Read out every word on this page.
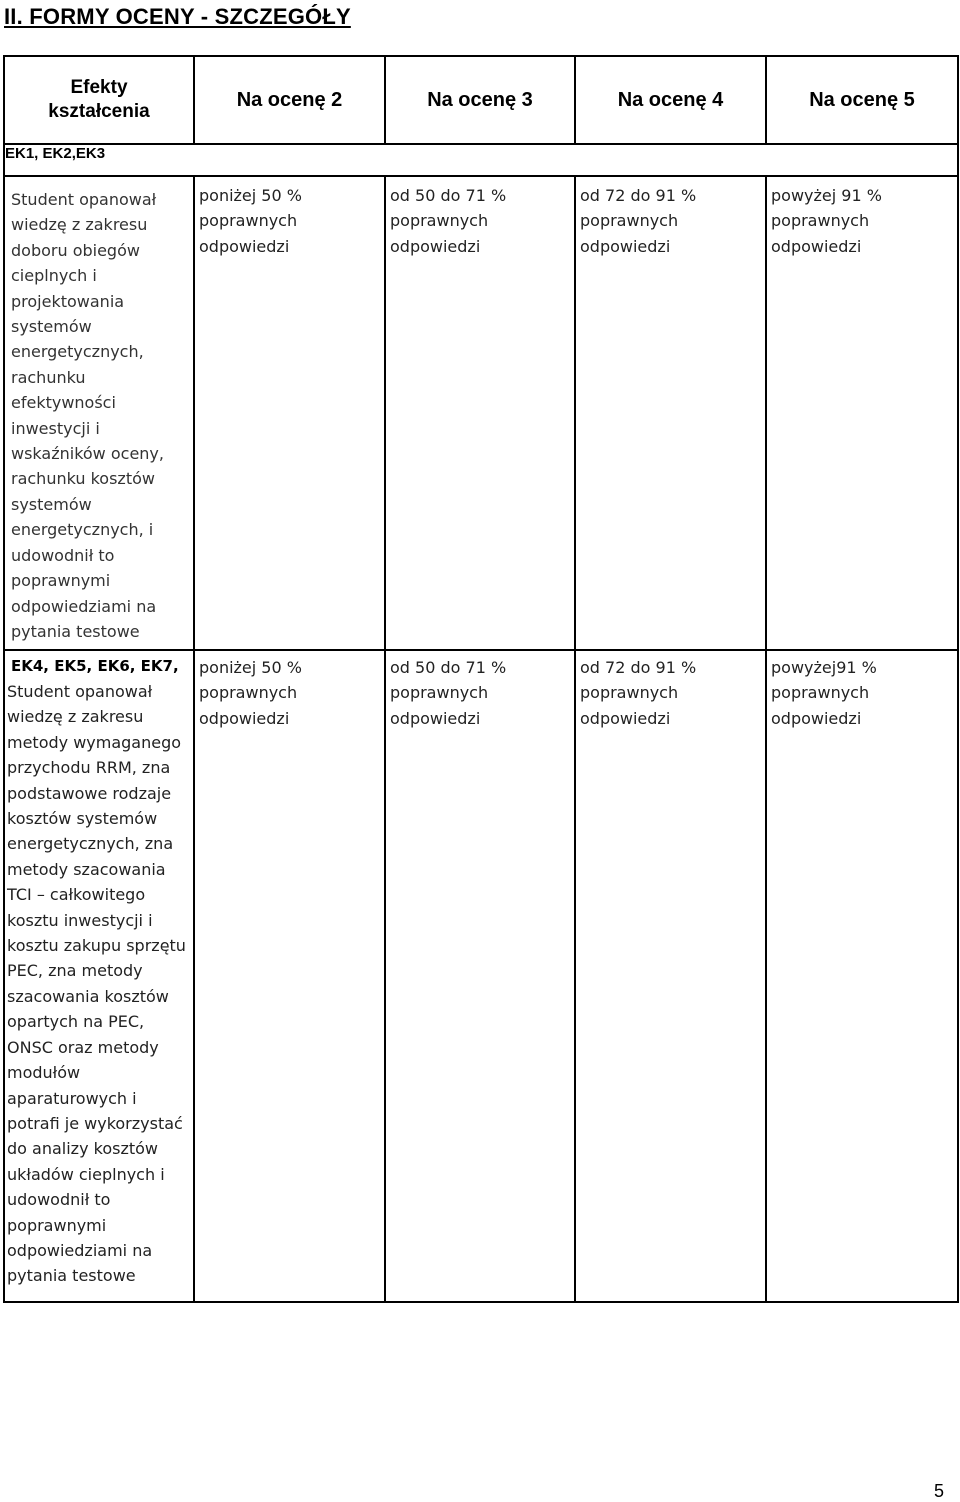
II. FORMY OCENY - SZCZEGÓŁY
Efekty kształcenia	Na ocenę 2	Na ocenę 3	Na ocenę 4	Na ocenę 5
EK1, EK2,EK3				

Student opanował wiedzę z zakresu doboru obiegów cieplnych i projektowania systemów energetycznych, rachunku efektywności inwestycji i wskaźników oceny, rachunku kosztów systemów energetycznych, i udowodnił to poprawnymi odpowiedziami na pytania testowe	poniżej 50 % poprawnych odpowiedzi	od 50 do 71 % poprawnych odpowiedzi	od 72 do 91 % poprawnych odpowiedzi	powyżej 91 % poprawnych odpowiedzi

EK4, EK5, EK6, EK7,
Student opanował wiedzę z zakresu metody wymaganego przychodu RRM, zna podstawowe rodzaje kosztów systemów energetycznych, zna metody szacowania TCI – całkowitego kosztu inwestycji i kosztu zakupu sprzętu PEC, zna metody szacowania kosztów opartych na PEC, ONSC oraz metody modułów aparaturowych i potrafi je wykorzystać do analizy kosztów układów cieplnych i udowodnił to poprawnymi odpowiedziami na pytania testowe	poniżej 50 % poprawnych odpowiedzi	od 50 do 71 % poprawnych odpowiedzi	od 72 do 91 % poprawnych odpowiedzi	powyżej91 % poprawnych odpowiedzi
5
